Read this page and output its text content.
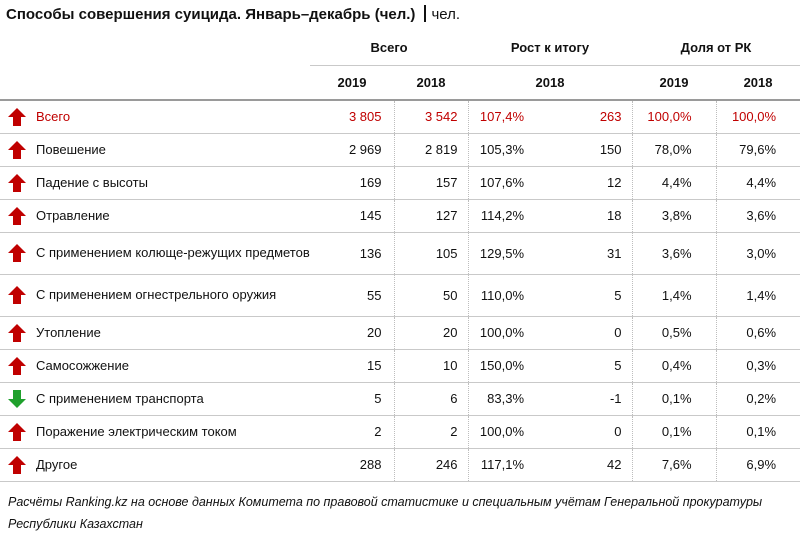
Способы совершения суицида. Январь–декабрь (чел.) чел.
		Всего		Рост к итогу		Доля от РК	
		2019	2018	2018		2019	2018
	Всего	3 805	3 542	107,4%	263	100,0%	100,0%
	Повешение	2 969	2 819	105,3%	150	78,0%	79,6%
	Падение с высоты	169	157	107,6%	12	4,4%	4,4%
	Отравление	145	127	114,2%	18	3,8%	3,6%
	С применением колюще-режущих предметов	136	105	129,5%	31	3,6%	3,0%
	С применением огнестрельного оружия	55	50	110,0%	5	1,4%	1,4%
	Утопление	20	20	100,0%	0	0,5%	0,6%
	Самосожжение	15	10	150,0%	5	0,4%	0,3%
	С применением транспорта	5	6	83,3%	-1	0,1%	0,2%
	Поражение электрическим током	2	2	100,0%	0	0,1%	0,1%
	Другое	288	246	117,1%	42	7,6%	6,9%
Расчёты Ranking.kz на основе данных Комитета по правовой статистике и специальным учётам Генеральной прокуратуры Республики Казахстан
